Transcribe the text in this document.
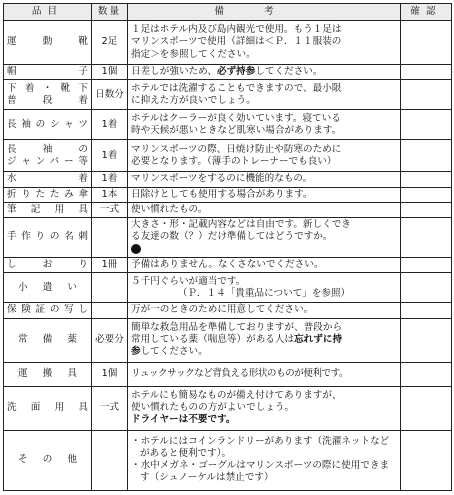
品目	数量	備考	確認
運動靴	2足	１足はホテル内及び島内観光で使用。もう１足は
マリンスポーツで使用（詳細は＜Ｐ．１１服装の
指定＞を参照してください。	

帽子	1個	日差しが強いため、必ず持参してください。	

下着・靴下
普段着	日数分	ホテルでは洗濯することもできますので、最小限
に抑えた方が良いでしょう。	

長袖のシャツ	1着	ホテルはクーラーが良く効いています。寝ている
時や天候が悪いときなど肌寒い場合があります。	

長袖の
ジャンパー等	1着	マリンスポーツの際、日焼け防止や防寒のために
必要となります。（薄手のトレーナーでも良い）	

水着	1着	マリンスポーツをするのに機能的なもの。	
折りたたみ傘	1本	日除けとしても使用する場合があります。	
筆記用具	一式	使い慣れたもの。	
手作りの名刺		大きさ・形・記載内容などは自由です。新しくでき
る友達の数（？）だけ準備してはどうですか。	

しおり	1冊	予備はありません。なくさないでください。	
小遣い		５千円ぐらいが適当です。
（Ｐ．１４「貴重品について」を参照）	

保険証の写し		万が一のときのために用意してください。	
常備薬	必要分	簡単な救急用品を準備しておりますが、普段から
常用している薬（喘息等）がある人は忘れずに持
参してください。	

運搬具	1個	リュックサックなど背負える形状のものが便利です。	
洗面用具	一式	ホテルにも簡易なものが備え付けてありますが、
使い慣れたものの方がよいでしょう。
ドライヤーは不要です。	

その他		・ホテルにはコインランドリーがあります（洗濯ネットなどがあると便利です）。
・水中メガネ・ゴーグルはマリンスポーツの際に使用できます（シュノーケルは禁止です）	
